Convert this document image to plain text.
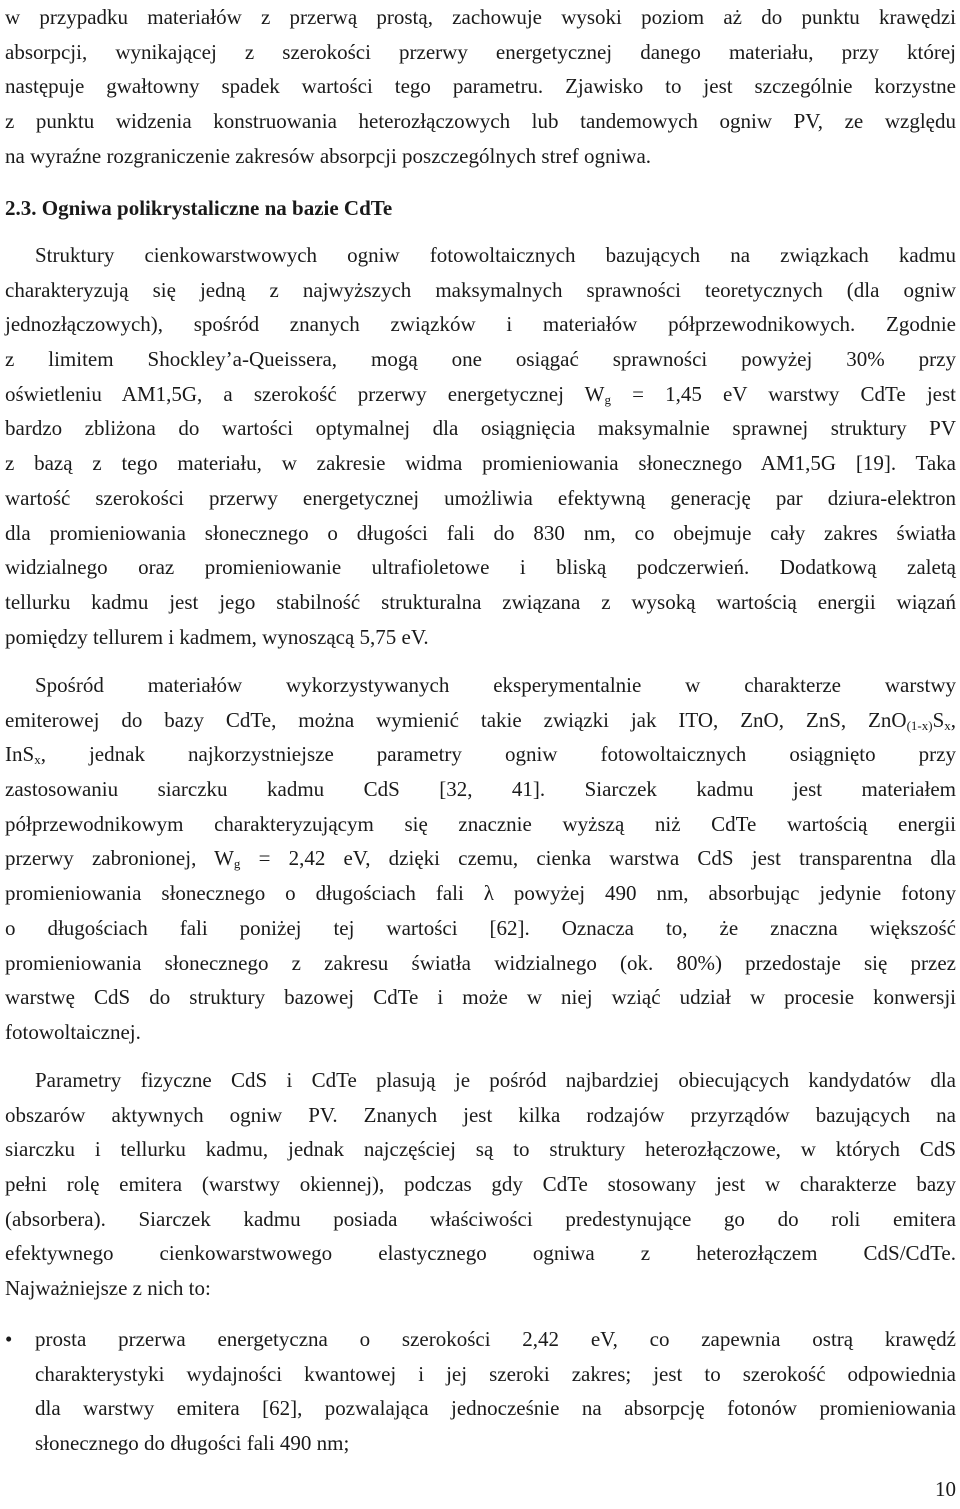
w przypadku materiałów z przerwą prostą, zachowuje wysoki poziom aż do punktu krawędzi
absorpcji, wynikającej z szerokości przerwy energetycznej danego materiału, przy której
następuje gwałtowny spadek wartości tego parametru. Zjawisko to jest szczególnie korzystne
z punktu widzenia konstruowania heterozłączowych lub tandemowych ogniw PV, ze względu
na wyraźne rozgraniczenie zakresów absorpcji poszczególnych stref ogniwa.
2.3. Ogniwa polikrystaliczne na bazie CdTe
Struktury cienkowarstwowych ogniw fotowoltaicznych bazujących na związkach kadmu
charakteryzują się jedną z najwyższych maksymalnych sprawności teoretycznych (dla ogniw
jednozłączowych), spośród znanych związków i materiałów półprzewodnikowych. Zgodnie
z limitem Shockley’a-Queissera, mogą one osiągać sprawności powyżej 30% przy
oświetleniu AM1,5G, a szerokość przerwy energetycznej $W_g = 1,45$ eV warstwy CdTe jest
bardzo zbliżona do wartości optymalnej dla osiągnięcia maksymalnie sprawnej struktury PV
z bazą z tego materiału, w zakresie widma promieniowania słonecznego AM1,5G [19]. Taka
wartość szerokości przerwy energetycznej umożliwia efektywną generację par dziura-elektron
dla promieniowania słonecznego o długości fali do 830 nm, co obejmuje cały zakres światła
widzialnego oraz promieniowanie ultrafioletowe i bliską podczerwień. Dodatkową zaletą
tellurku kadmu jest jego stabilność strukturalna związana z wysoką wartością energii wiązań
pomiędzy tellurem i kadmem, wynoszącą 5,75 eV.
Spośród materiałów wykorzystywanych eksperymentalnie w charakterze warstwy
emiterowej do bazy CdTe, można wymienić takie związki jak ITO, ZnO, ZnS, $ZnO_{(1-x)}S_x$,
InS$_x$, jednak najkorzystniejsze parametry ogniw fotowoltaicznych osiągnięto przy
zastosowaniu siarczku kadmu CdS [32, 41]. Siarczek kadmu jest materiałem
półprzewodnikowym charakteryzującym się znacznie wyższą niż CdTe wartością energii
przerwy zabronionej, $W_g = 2,42$ eV, dzięki czemu, cienka warstwa CdS jest transparentna dla
promieniowania słonecznego o długościach fali λ powyżej 490 nm, absorbując jedynie fotony
o długościach fali poniżej tej wartości [62]. Oznacza to, że znaczna większość
promieniowania słonecznego z zakresu światła widzialnego (ok. 80%) przedostaje się przez
warstwę CdS do struktury bazowej CdTe i może w niej wziąć udział w procesie konwersji
fotowoltaicznej.
Parametry fizyczne CdS i CdTe plasują je pośród najbardziej obiecujących kandydatów dla
obszarów aktywnych ogniw PV. Znanych jest kilka rodzajów przyrządów bazujących na
siarczku i tellurku kadmu, jednak najczęściej są to struktury heterozłączowe, w których CdS
pełni rolę emitera (warstwy okiennej), podczas gdy CdTe stosowany jest w charakterze bazy
(absorbera). Siarczek kadmu posiada właściwości predestynujące go do roli emitera
efektywnego cienkowarstwowego elastycznego ogniwa z heterozłączem CdS/CdTe.
Najważniejsze z nich to:
•	prosta przerwa energetyczna o szerokości 2,42 eV, co zapewnia ostrą krawędź
charakterystyki wydajności kwantowej i jej szeroki zakres; jest to szerokość odpowiednia
dla warstwy emitera [62], pozwalająca jednocześnie na absorpcję fotonów promieniowania
słonecznego do długości fali 490 nm;
10
